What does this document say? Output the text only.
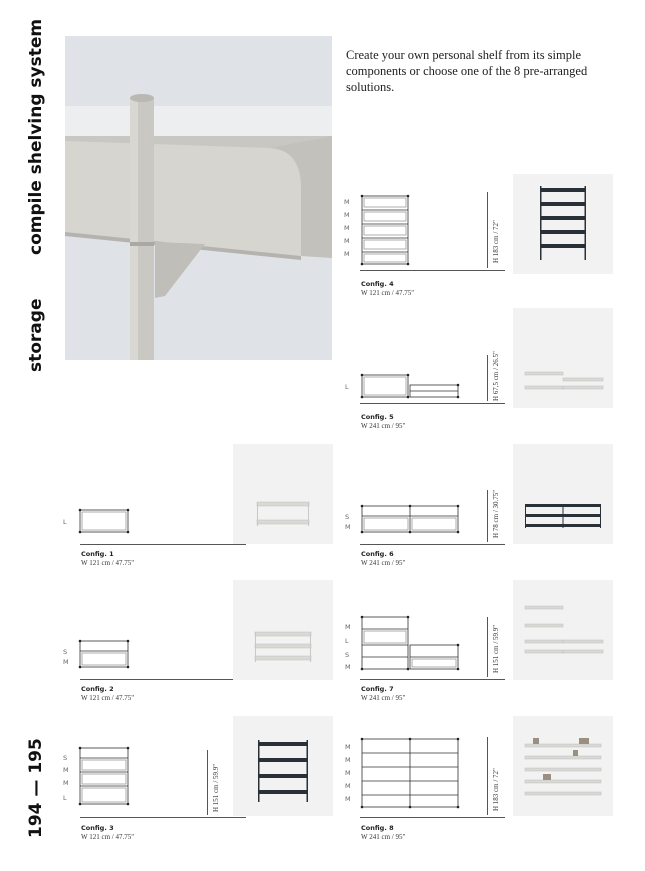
compile shelving system
storage
194 — 195
Create your own personal shelf from its simple components or choose one of the 8 pre-arranged solutions.
M
M
M
M
M	H 183 cm / 72"
Config. 4
W 121 cm / 47.75"
L	H 67,5 cm / 26.5"
Config. 5
W 241 cm / 95"
L
Config. 1
W 121 cm / 47.75"
S
M	H 78 cm / 30.75"
Config. 6
W 241 cm / 95"
S
M
Config. 2
W 121 cm / 47.75"
M
L
S
M	H 151 cm / 59.9"
Config. 7
W 241 cm / 95"
S
M
M
L	H 151 cm / 59.9"
Config. 3
W 121 cm / 47.75"
M
M
M
M
M	H 183 cm / 72"
Config. 8
W 241 cm / 95"
